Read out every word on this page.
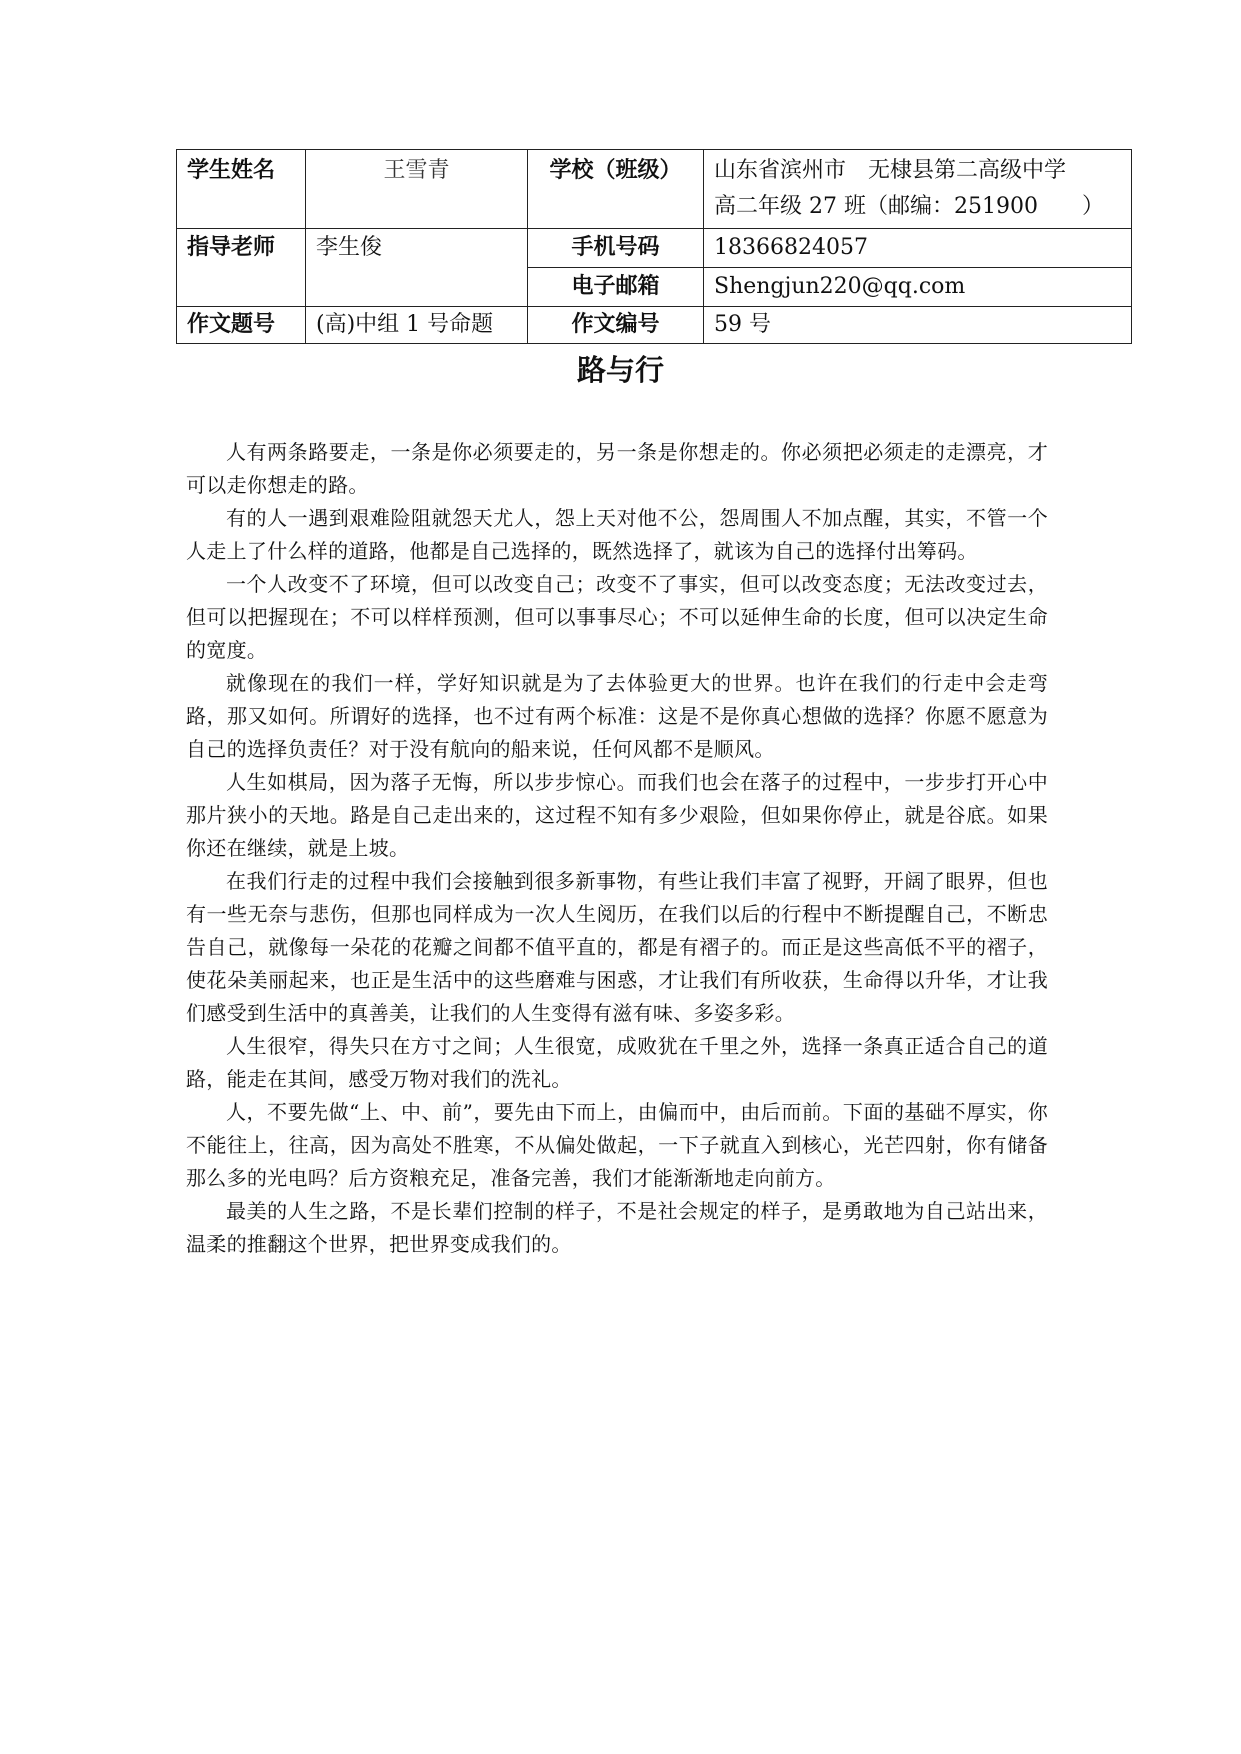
学生姓名	王雪青	学校（班级）	山东省滨州市　无棣县第二高级中学
高二年级 27 班（邮编：251900　　）

指导老师	李生俊	手机号码	18366824057
		电子邮箱	Shengjun220@qq.com
作文题号	(高)中组 1 号命题	作文编号	59 号
路与行

人有两条路要走，一条是你必须要走的，另一条是你想走的。你必须把必须走的走漂亮，才可以走你想走的路。

有的人一遇到艰难险阻就怨天尤人，怨上天对他不公，怨周围人不加点醒，其实，不管一个人走上了什么样的道路，他都是自己选择的，既然选择了，就该为自己的选择付出筹码。

一个人改变不了环境，但可以改变自己；改变不了事实，但可以改变态度；无法改变过去，但可以把握现在；不可以样样预测，但可以事事尽心；不可以延伸生命的长度，但可以决定生命的宽度。

就像现在的我们一样，学好知识就是为了去体验更大的世界。也许在我们的行走中会走弯路，那又如何。所谓好的选择，也不过有两个标准：这是不是你真心想做的选择？你愿不愿意为自己的选择负责任？对于没有航向的船来说，任何风都不是顺风。

人生如棋局，因为落子无悔，所以步步惊心。而我们也会在落子的过程中，一步步打开心中那片狭小的天地。路是自己走出来的，这过程不知有多少艰险，但如果你停止，就是谷底。如果你还在继续，就是上坡。

在我们行走的过程中我们会接触到很多新事物，有些让我们丰富了视野，开阔了眼界，但也有一些无奈与悲伤，但那也同样成为一次人生阅历，在我们以后的行程中不断提醒自己，不断忠告自己，就像每一朵花的花瓣之间都不值平直的，都是有褶子的。而正是这些高低不平的褶子，使花朵美丽起来，也正是生活中的这些磨难与困惑，才让我们有所收获，生命得以升华，才让我们感受到生活中的真善美，让我们的人生变得有滋有味、多姿多彩。

人生很窄，得失只在方寸之间；人生很宽，成败犹在千里之外，选择一条真正适合自己的道路，能走在其间，感受万物对我们的洗礼。

人，不要先做“上、中、前”，要先由下而上，由偏而中，由后而前。下面的基础不厚实，你不能往上，往高，因为高处不胜寒，不从偏处做起，一下子就直入到核心，光芒四射，你有储备那么多的光电吗？后方资粮充足，准备完善，我们才能渐渐地走向前方。

最美的人生之路，不是长辈们控制的样子，不是社会规定的样子，是勇敢地为自己站出来，温柔的推翻这个世界，把世界变成我们的。
